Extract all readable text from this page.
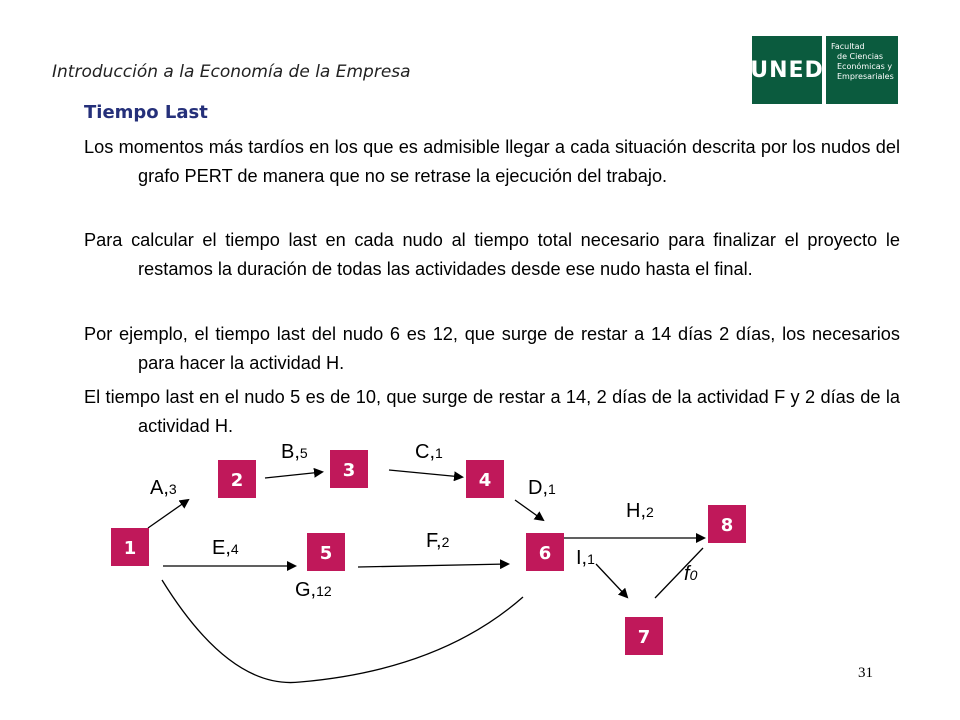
Introducción a la Economía de la Empresa	UNED
Facultad
de Ciencias
Económicas y
Empresariales
Tiempo Last
Los momentos más tardíos en los que es admisible llegar a cada situación descrita por los nudos del grafo PERT de manera que no se retrase la ejecución del trabajo.
Para calcular el tiempo last en cada nudo al tiempo total necesario para finalizar el proyecto le restamos la duración de todas las actividades desde ese nudo hasta el final.
Por ejemplo, el tiempo last del nudo 6 es 12, que surge de restar a 14 días 2 días, los necesarios para hacer la actividad H.
El tiempo last en el nudo 5 es de 10, que surge de restar a 14, 2 días de la actividad F y 2 días de la actividad H.
A,3
B,5	C,1
D,1
E,4	F,2
G,12
H,2
I,1
f0
1
2	3	4
5	6
7
8
31
